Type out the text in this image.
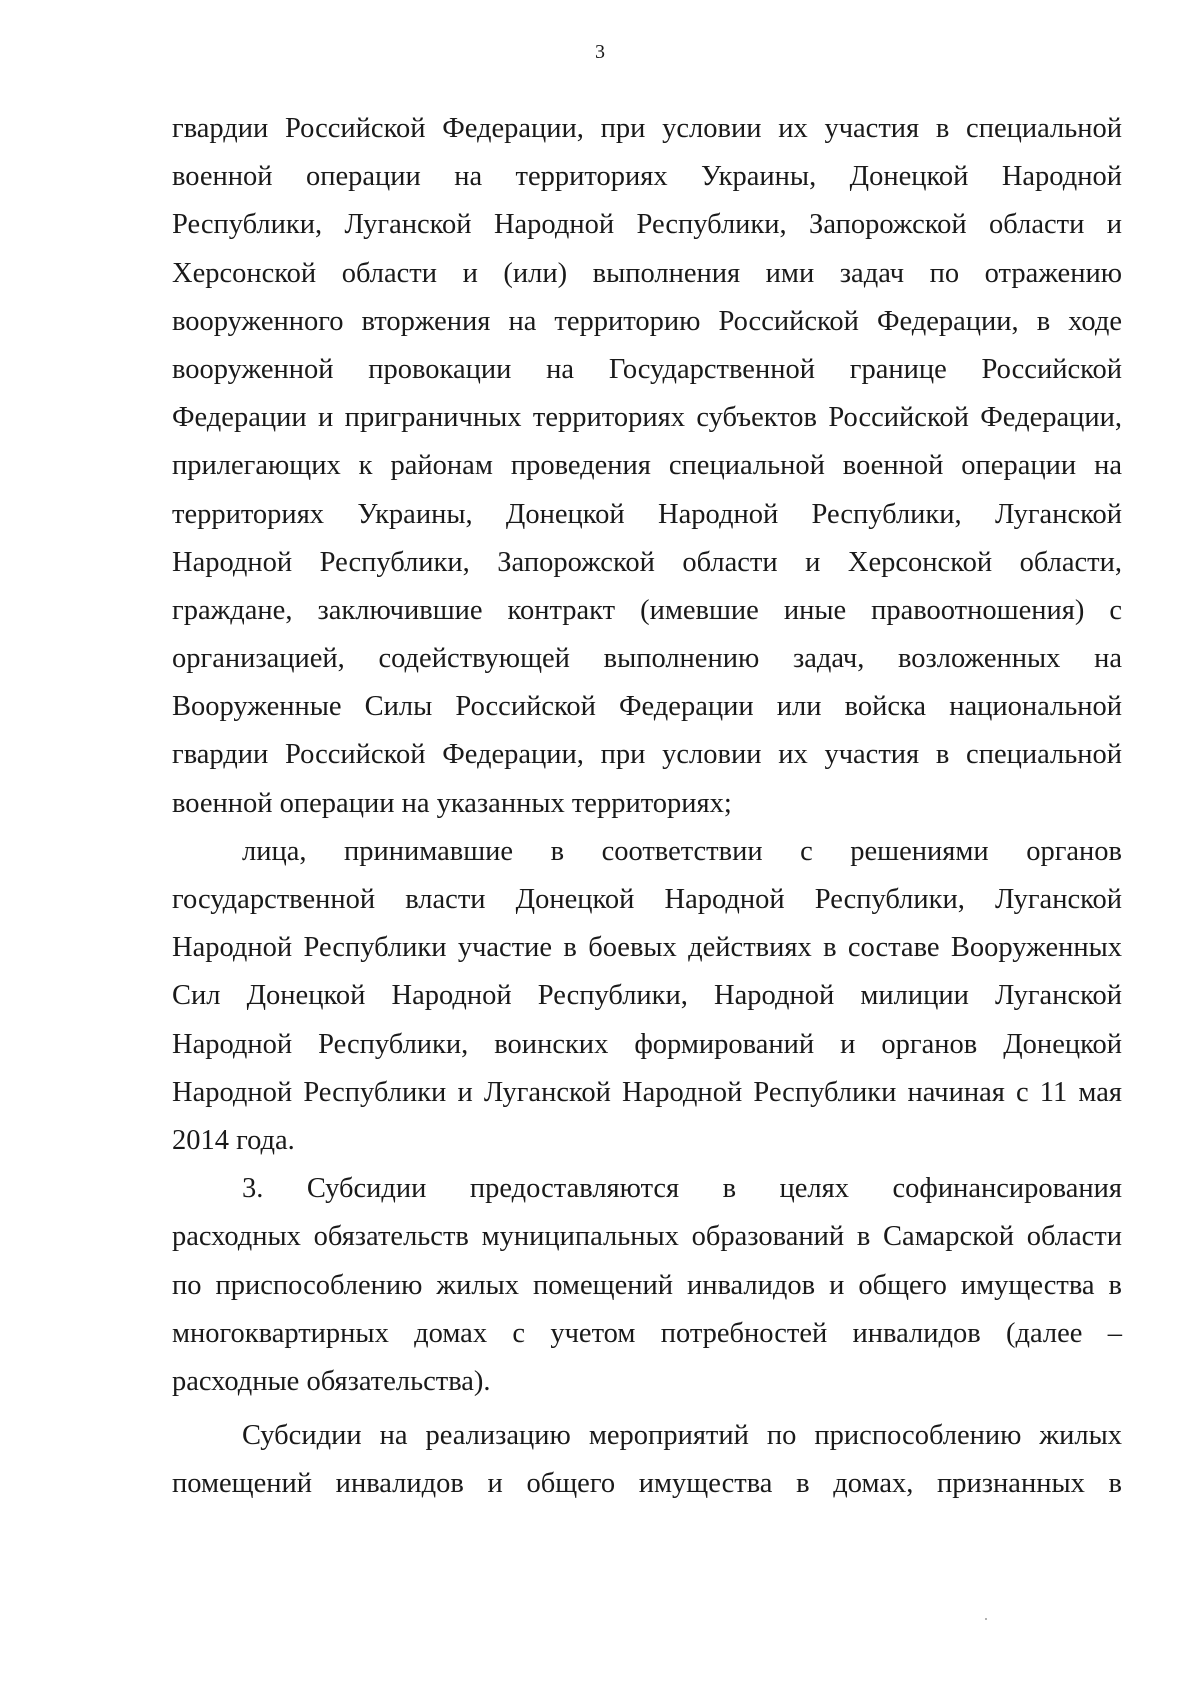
3
гвардии Российской Федерации, при условии их участия в специальной
военной операции на территориях Украины, Донецкой Народной
Республики, Луганской Народной Республики, Запорожской области и
Херсонской области и (или) выполнения ими задач по отражению
вооруженного вторжения на территорию Российской Федерации, в ходе
вооруженной провокации на Государственной границе Российской
Федерации и приграничных территориях субъектов Российской Федерации,
прилегающих к районам проведения специальной военной операции на
территориях Украины, Донецкой Народной Республики, Луганской
Народной Республики, Запорожской области и Херсонской области,
граждане, заключившие контракт (имевшие иные правоотношения) с
организацией, содействующей выполнению задач, возложенных на
Вооруженные Силы Российской Федерации или войска национальной
гвардии Российской Федерации, при условии их участия в специальной
военной операции на указанных территориях;
лица, принимавшие в соответствии с решениями органов
государственной власти Донецкой Народной Республики, Луганской
Народной Республики участие в боевых действиях в составе Вооруженных
Сил Донецкой Народной Республики, Народной милиции Луганской
Народной Республики, воинских формирований и органов Донецкой
Народной Республики и Луганской Народной Республики начиная с 11 мая
2014 года.
3. Субсидии предоставляются в целях софинансирования
расходных обязательств муниципальных образований в Самарской области
по приспособлению жилых помещений инвалидов и общего имущества в
многоквартирных домах с учетом потребностей инвалидов (далее –
расходные обязательства).
Субсидии на реализацию мероприятий по приспособлению жилых
помещений инвалидов и общего имущества в домах, признанных в
